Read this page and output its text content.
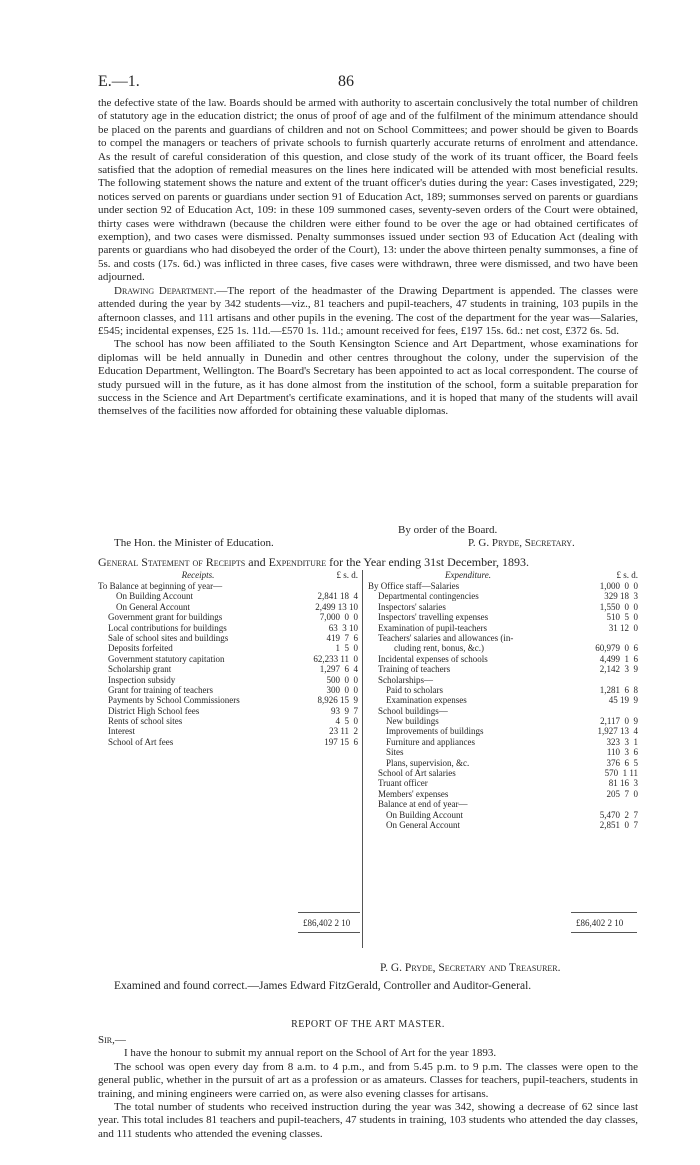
E.—1.	86

the defective state of the law. Boards should be armed with authority to ascertain conclusively the total number of children of statutory age in the education district; the onus of proof of age and of the fulfilment of the minimum attendance should be placed on the parents and guardians of children and not on School Committees; and power should be given to Boards to compel the managers or teachers of private schools to furnish quarterly accurate returns of enrolment and attendance. As the result of careful consideration of this question, and close study of the work of its truant officer, the Board feels satisfied that the adoption of remedial measures on the lines here indicated will be attended with most beneficial results. The following statement shows the nature and extent of the truant officer's duties during the year: Cases investigated, 229; notices served on parents or guardians under section 91 of Education Act, 189; summonses served on parents or guardians under section 92 of Education Act, 109: in these 109 summoned cases, seventy-seven orders of the Court were obtained, thirty cases were withdrawn (because the children were either found to be over the age or had obtained certificates of exemption), and two cases were dismissed. Penalty summonses issued under section 93 of Education Act (dealing with parents or guardians who had disobeyed the order of the Court), 13: under the above thirteen penalty summonses, a fine of 5s. and costs (17s. 6d.) was inflicted in three cases, five cases were withdrawn, three were dismissed, and two have been adjourned.

Drawing Department.—The report of the headmaster of the Drawing Department is appended. The classes were attended during the year by 342 students—viz., 81 teachers and pupil-teachers, 47 students in training, 103 pupils in the afternoon classes, and 111 artisans and other pupils in the evening. The cost of the department for the year was—Salaries, £545; incidental expenses, £25 1s. 11d.—£570 1s. 11d.; amount received for fees, £197 15s. 6d.: net cost, £372 6s. 5d.

The school has now been affiliated to the South Kensington Science and Art Department, whose examinations for diplomas will be held annually in Dunedin and other centres throughout the colony, under the supervision of the Education Department, Wellington. The Board's Secretary has been appointed to act as local correspondent. The course of study pursued will in the future, as it has done almost from the institution of the school, form a suitable preparation for success in the Science and Art Department's certificate examinations, and it is hoped that many of the students will avail themselves of the facilities now afforded for obtaining these valuable diplomas.

By order of the Board.
The Hon. the Minister of Education.	P. G. Pryde, Secretary.
General Statement of Receipts and Expenditure for the Year ending 31st December, 1893.
Receipts.	£ s. d.
To Balance at beginning of year—
On Building Account	2,841 18  4
On General Account	2,499 13 10
Government grant for buildings	7,000  0  0
Local contributions for buildings	63  3 10
Sale of school sites and buildings	419  7  6
Deposits forfeited	1  5  0
Government statutory capitation	62,233 11  0
Scholarship grant	1,297  6  4
Inspection subsidy	500  0  0
Grant for training of teachers	300  0  0
Payments by School Commissioners	8,926 15  9
District High School fees	93  9  7
Rents of school sites	4  5  0
Interest	23 11  2
School of Art fees	197 15  6
Expenditure.	£ s. d.
By Office staff—Salaries	1,000  0  0
Departmental contingencies	329 18  3
Inspectors' salaries	1,550  0  0
Inspectors' travelling expenses	510  5  0
Examination of pupil-teachers	31 12  0
Teachers' salaries and allowances (in-
cluding rent, bonus, &c.)	60,979  0  6
Incidental expenses of schools	4,499  1  6
Training of teachers	2,142  3  9
Scholarships—
Paid to scholars	1,281  6  8
Examination expenses	45 19  9
School buildings—
New buildings	2,117  0  9
Improvements of buildings	1,927 13  4
Furniture and appliances	323  3  1
Sites	110  3  6
Plans, supervision, &c.	376  6  5
School of Art salaries	570  1 11
Truant officer	81 16  3
Members' expenses	205  7  0
Balance at end of year—
On Building Account	5,470  2  7
On General Account	2,851  0  7
£86,402 2 10	£86,402 2 10
P. G. Pryde, Secretary and Treasurer.
Examined and found correct.—James Edward FitzGerald, Controller and Auditor-General.
REPORT OF THE ART MASTER.

Sir,—

I have the honour to submit my annual report on the School of Art for the year 1893.

The school was open every day from 8 a.m. to 4 p.m., and from 5.45 p.m. to 9 p.m. The classes were open to the general public, whether in the pursuit of art as a profession or as amateurs. Classes for teachers, pupil-teachers, students in training, and mining engineers were carried on, as were also evening classes for artisans.

The total number of students who received instruction during the year was 342, showing a decrease of 62 since last year. This total includes 81 teachers and pupil-teachers, 47 students in training, 103 students who attended the day classes, and 111 students who attended the evening classes.
